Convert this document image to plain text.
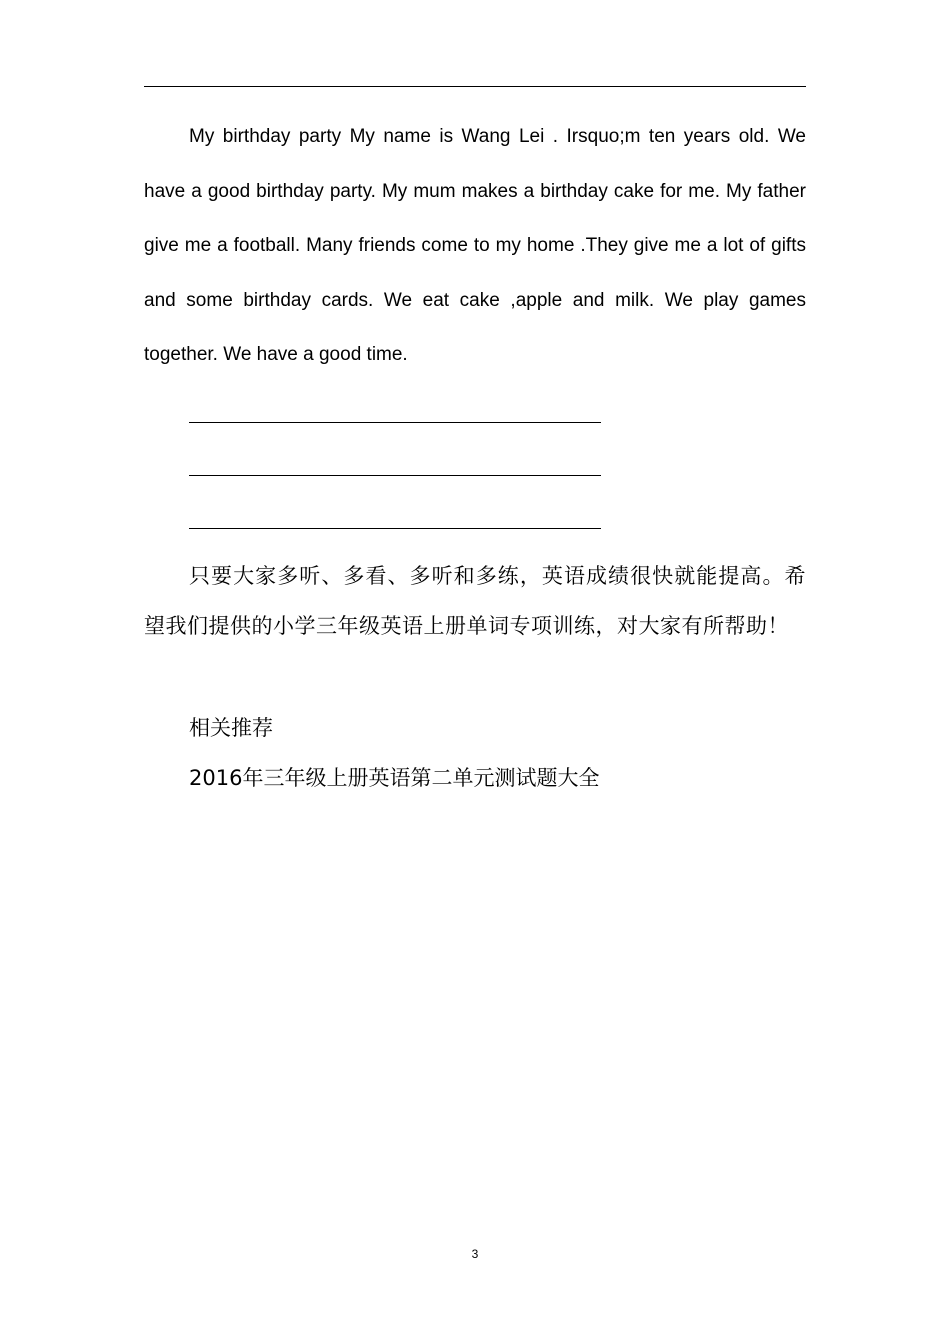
My birthday party My name is Wang Lei . Irsquo;m ten years old. We have a good birthday party. My mum makes a birthday cake for me. My father give me a football. Many friends come to my home .They give me a lot of gifts and some birthday cards. We eat cake ,apple and milk. We play games together. We have a good time.

只要大家多听、多看、多听和多练，英语成绩很快就能提高。希望我们提供的小学三年级英语上册单词专项训练，对大家有所帮助！

相关推荐

2016年三年级上册英语第二单元测试题大全
3
